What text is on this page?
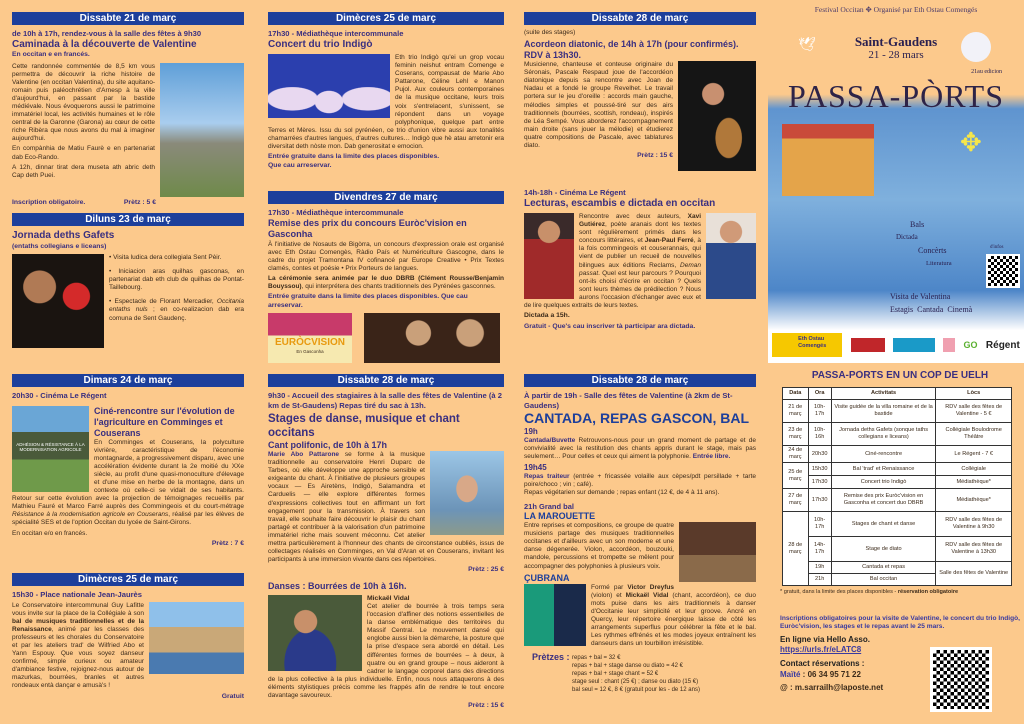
Dissabte 21 de març
de 10h à 17h, rendez-vous à la salle des fêtes à 9h30
Caminada à la découverte de Valentine
En occitan e en francés.

Cette randonnée commentée de 8,5 km vous permettra de découvrir la riche histoire de Valentine (en occitan Valentina), du site aquitano-romain puis paléochrétien d'Arnesp à la ville d'aujourd'hui, en passant par la bastide médiévale. Nous évoquerons aussi le patrimoine immatériel local, les activités humaines et le rôle central de la Garonne (Garona) au cœur de cette riche Ribèra que nous avons du mal à imaginer aujourd'hui.

En compànhia de Matiu Faurè e en partenariat dab Eco-Rando.

A 12h, dinnar tirat dera museta ath abric deth Cap deth Puei.

Inscription obligatoire.	Prètz : 5 €
Diluns 23 de març
Jornada deths Gafets
(entaths collegians e liceans)

• Visita ludica dera collegiala Sent Pèir.

• Iniciacion aras quilhas gasconas, en partenariat dab eth club de quilhas de Pontat-Taillebourg.

• Espectacle de Florant Mercadier, Occitania entaths nuls ; en co-realizacion dab era comuna de Sent Gaudenç.

Dimars 24 de març
20h30 - Cinéma Le Régent
ADHÉSION & RÉSISTANCE À LA MODERNISATION AGRICOLE
Ciné-rencontre sur l'évolution de l'agriculture en Comminges et Couserans

En Comminges et Couserans, la polyculture vivrière, caractéristique de l'économie montagnarde, a progressivement disparu, avec une accélération évidente durant la 2e moitié du XXe siècle, au profit d'une quasi-monoculture d'élevage et d'une mise en herbe de la montagne, dans un contexte où celle-ci se vidait de ses habitants. Retour sur cette évolution avec la projection de témoignages recueillis par Mathieu Fauré et Marco Farré auprès des Commingeois et du court-métrage Résistance à la modernisation agricole en Couserans, réalisé par les élèves de spécialité SES et de l'option Occitan du lycée de Saint-Girons.

En occitan e/o en francés.

Prètz : 7 €
Dimècres 25 de març
15h30 - Place nationale Jean-Jaurès

Le Conservatoire intercommunal Guy Lafitte vous invite sur la place de la Collégiale à son bal de musiques traditionnelles et de la Renaissance, animé par les classes des professeurs et les chorales du Conservatoire et par les ateliers trad' de Wilfried Abo et Yann Espouy. Que vous soyez danseur confirmé, simple curieux ou amateur d'ambiance festive, rejoignez-nous autour de mazurkas, bourrées, branles et autres rondeaux entà dançar e amusà's !

Gratuit
Dimècres 25 de març
17h30 - Médiathèque intercommunale
Concert du trio Indigò

Eth trio Indigò qu'ei un grop vocau feminin neishut entram Comenge e Coserans, compausat de Marie Abo Pattarone, Céline Lehl e Manon Pujol. Aux couleurs contemporaines de la musique occitane, leurs trois voix s'entrelacent, s'unissent, se répondent dans un voyage polyphonique, quelque part entre Terres et Mères. Issu du sol pyrénéen, ce trio d'union vibre aussi aux tonalités chamarrées d'autres langues, d'autres cultures… Indigò que hè atau arretonir era diversitat deth nòste mon. Dab generositat e emocion.

Entrée gratuite dans la limite des places disponibles.
Que cau arreservar.
Divendres 27 de març
17h30 - Médiathèque intercommunale
Remise des prix du concours Euròc'vision en Gasconha

À l'initiative de Nosauts de Bigòrra, un concours d'expression orale est organisé avec Eth Ostau Comengès, Ràdio País et Numériculture Gascogne, dans le cadre du projet Tramontana IV cofinancé par Europe Creative • Prix Textes clamés, contes et poésie • Prix Porteurs de langues.

La cérémonie sera animée par le duo DBRB (Clément Rousse/Benjamin Bouyssou), qui interprétera des chants traditionnels des Pyrénées gasconnes.

Entrée gratuite dans la limite des places disponibles. Que cau arreservar.
EURÒCVISION
En Gasconha
Dissabte 28 de març
9h30 - Accueil des stagiaires à la salle des fêtes de Valentine (à 2 km de St-Gaudens) Repas tiré du sac à 13h.
Stages de danse, musique et chant occitans
Cant polifonic, de 10h à 17h

Marie Abo Pattarone se forme à la musique traditionnelle au conservatoire Henri Duparc de Tarbes, où elle développe une approche sensible et exigeante du chant. À l'initiative de plusieurs groupes vocaux — Es Airetèns, Indigò, Salamandra et Carduelis — elle explore différentes formes d'expressions collectives tout en affirmant un fort engagement pour la transmission. À travers son travail, elle souhaite faire découvrir le plaisir du chant partagé et contribuer à la valorisation d'un patrimoine immatériel riche mais souvent méconnu. Cet atelier mettra particulièrement à l'honneur des chants de circonstance oubliés, issus de collectages réalisés en Comminges, en Val d'Aran et en Couserans, invitant les participants à une immersion vivante dans ces répertoires.

Prètz : 25 €
Danses : Bourrées de 10h à 16h.
Mickaël Vidal

Cet atelier de bourrée à trois temps sera l'occasion d'affiner des notions essentielles de la danse emblématique des territoires du Massif Central. Le mouvement dansé qui englobe aussi bien la démarche, la posture que la prise d'espace sera abordé en détail. Les différentes formes de bourrées – à deux, à quatre ou en grand groupe – nous aideront à cadrer le langage corporel dans des directions de la plus collective à la plus individuelle. Enfin, nous nous attaquerons à des éléments stylistiques précis comme les frappés afin de rendre le tout encore davantage savoureux.

Prètz : 15 €
Dissabte 28 de març

(suite des stages)

Acordeon diatonic, de 14h à 17h (pour confirmés). RDV à 13h30.

Musicienne, chanteuse et conteuse originaire du Séronais, Pascale Respaud joue de l'accordéon diatonique depuis sa rencontre avec Joan de Nadau et a fondé le groupe Revelhet. Le travail portera sur le jeu d'oreille : accords main gauche, mélodies simples et poussé-tiré sur des airs traditionnels (bourrées, scottish, rondeau), inspirés de Léa Sempé. Vous aborderez l'accompagnement main droite (sans jouer la mélodie) et étudierez quatre compositions de Pascale, avec tablatures diato.

Prètz : 15 €
14h-18h - Cinéma Le Régent
Lecturas, escambis e dictada en occitan

Rencontre avec deux auteurs, Xavi Gutiérez, poète aranais dont les textes sont régulièrement primés dans les concours littéraires, et Jean-Paul Ferré, à la fois commingeois et couserannais, qui vient de publier un recueil de nouvelles bilingues aux éditions Reclams, Deman passat. Quel est leur parcours ? Pourquoi ont-ils choisi d'écrire en occitan ? Quels sont leurs thèmes de prédilection ? Nous aurons l'occasion d'échanger avec eux et de lire quelques extraits de leurs textes.

Dictada a 15h.
Gratuit - Que's cau inscriver tà participar ara dictada.
Dissabte 28 de març
À partir de 19h - Salle des fêtes de Valentine (à 2km de St-Gaudens)
CANTADA, REPAS GASCON, BAL
19h

Cantada/Buvette Retrouvons-nous pour un grand moment de partage et de convivialité avec la restitution des chants appris durant le stage, mais pas seulement… Pour celles et ceux qui aiment la polyphonie. Entrée libre.

19h45

Repas traiteur (entrée + fricassée volaille aux cèpes/pdt persillade + tarte poire/choco ; vin ; café).

Repas végétarien sur demande ; repas enfant (12 €, de 4 à 11 ans).

21h Grand bal
LA MAROUETTE

Entre reprises et compositions, ce groupe de quatre musiciens partage des musiques traditionnelles occitanes et d'ailleurs avec un son moderne et une danse dégenerée. Violon, accordéon, bouzouki, mandole, percussions et trompette se mêlent pour accompagner des polyphonies à plusieurs voix.

ÇUBRANA

Formé par Victor Dreyfus (violon) et Mickaël Vidal (chant, accordéon), ce duo mots puise dans les airs traditionnels à danser d'Occitanie leur simplicité et leur groove. Ancré en Quercy, leur répertoire énergique laisse de côté les arrangements superflus pour célébrer la fête et le bal. Les rythmes effrénés et les modes joyeux entraînent les danseurs dans un tourbillon irrésistible.

Prètzes : repas + bal = 32 €
repas + bal + stage danse ou diato = 42 €
repas + bal + stage chant = 52 €
stage seul : chant (25 €) ; danse ou diato (15 €)
bal seul = 12 €, 8 € (gratuit pour les - de 12 ans)
Festival Occitan ✥ Organisé par Eth Ostau Comengés
🕊	Saint-Gaudens
21 - 28 mars
21au edicion
PASSA-PÒRTS
✥
Bals
Dictada
Concèrts
Literatura
Visita de Valentina
Estagis Cantada Cinemà
d'infos
Eth Ostau Comengés	GO Régent
PASSA-PÒRTS EN UN CÒP DE UELH
Data	Ora	Activitats	Lòcs
21 de març	10h-17h	Visite guidée de la villa romaine et de la bastide	RDV salle des fêtes de Valentine - 5 €
23 de març	10h-16h	Jornada deths Gafets (sonque taths collegians e liceans)	Collégiale Boulodrome Théâtre
24 de març	20h30	Ciné-rencontre	Le Régent - 7 €
25 de març	15h30	Bal 'trad' et Renaissance	Collégiale
	17h30	Concert trio Indigò	Médiathèque*
27 de març	17h30	Remise des prix Euròc'vision en Gasconha et concert duo DBRB	Médiathèque*
28 de març	10h-17h	Stages de chant et danse	RDV salle des fêtes de Valentine à 9h30
	14h-17h	Stage de diato	RDV salle des fêtes de Valentine à 13h30
	19h	Cantada et repas	Salle des fêtes de Valentine
	21h	Bal occitan	
* gratuit, dans la limite des places disponibles - réservation obligatoire
Inscriptions obligatoires pour la visite de Valentine, le concert du trio Indigò, Euròc'vision, les stages et le repas avant le 25 mars.
En ligne via Hello Asso.
https://urls.fr/eLATC8
Contact réservations :
Maïté : 06 34 95 71 22
@ : m.sarrailh@laposte.net
